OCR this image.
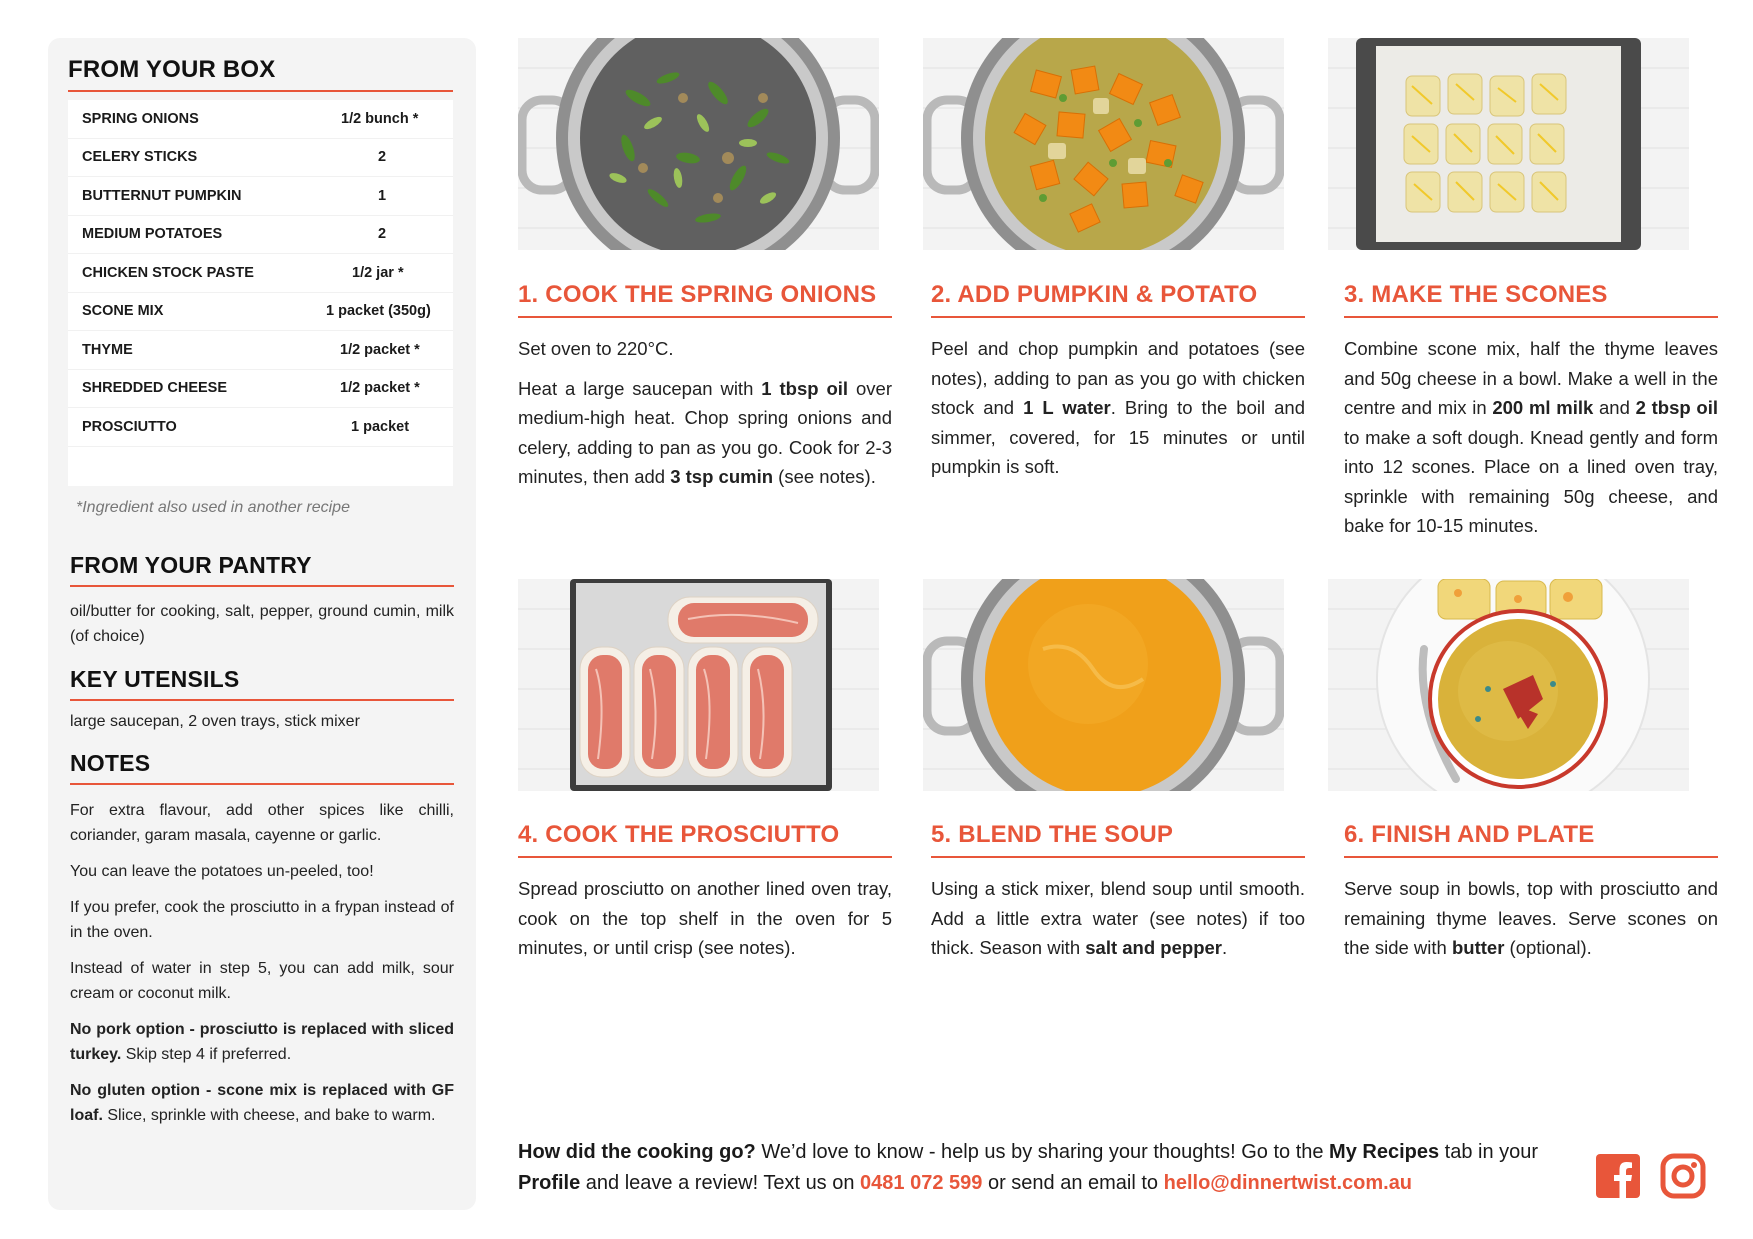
FROM YOUR BOX
SPRING ONIONS	1/2 bunch *
CELERY STICKS	2
BUTTERNUT PUMPKIN	1
MEDIUM POTATOES	2
CHICKEN STOCK PASTE	1/2 jar *
SCONE MIX	1 packet (350g)
THYME	1/2 packet *
SHREDDED CHEESE	1/2 packet *
PROSCIUTTO	1 packet
*Ingredient also used in another recipe
FROM YOUR PANTRY
oil/butter for cooking, salt, pepper, ground cumin, milk (of choice)
KEY UTENSILS
large saucepan, 2 oven trays, stick mixer
NOTES

For extra flavour, add other spices like chilli, coriander, garam masala, cayenne or garlic.

You can leave the potatoes un-peeled, too!

If you prefer, cook the prosciutto in a frypan instead of in the oven.

Instead of water in step 5, you can add milk, sour cream or coconut milk.

No pork option - prosciutto is replaced with sliced turkey. Skip step 4 if preferred.

No gluten option - scone mix is replaced with GF loaf. Slice, sprinkle with cheese, and bake to warm.

1. COOK THE SPRING ONIONS

Set oven to 220°C.

Heat a large saucepan with 1 tbsp oil over medium-high heat. Chop spring onions and celery, adding to pan as you go. Cook for 2-3 minutes, then add 3 tsp cumin (see notes).

2. ADD PUMPKIN & POTATO

Peel and chop pumpkin and potatoes (see notes), adding to pan as you go with chicken stock and 1 L water. Bring to the boil and simmer, covered, for 15 minutes or until pumpkin is soft.

3. MAKE THE SCONES

Combine scone mix, half the thyme leaves and 50g cheese in a bowl. Make a well in the centre and mix in 200 ml milk and 2 tbsp oil to make a soft dough. Knead gently and form into 12 scones. Place on a lined oven tray, sprinkle with remaining 50g cheese, and bake for 10-15 minutes.

4. COOK THE PROSCIUTTO

Spread prosciutto on another lined oven tray, cook on the top shelf in the oven for 5 minutes, or until crisp (see notes).

5. BLEND THE SOUP

Using a stick mixer, blend soup until smooth. Add a little extra water (see notes) if too thick. Season with salt and pepper.

6. FINISH AND PLATE

Serve soup in bowls, top with prosciutto and remaining thyme leaves. Serve scones on the side with butter (optional).

How did the cooking go? We’d love to know - help us by sharing your thoughts! Go to the My Recipes tab in your Profile and leave a review! Text us on 0481 072 599 or send an email to hello@dinnertwist.com.au
